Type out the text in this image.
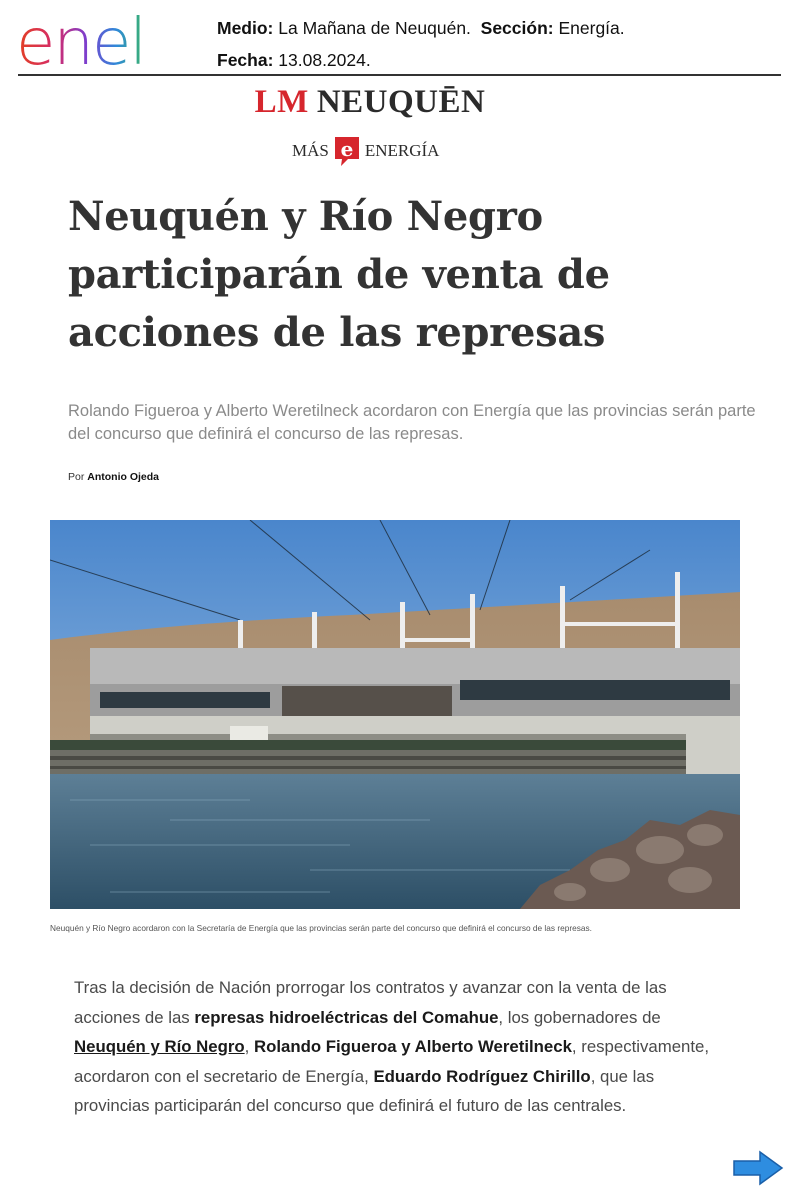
enel	Medio: La Mañana de Neuquén. Sección: Energía.
Fecha: 13.08.2024.
LM NEUQUĒN
MÁS e ENERGÍA
Neuquén y Río Negro participarán de venta de acciones de las represas

Rolando Figueroa y Alberto Weretilneck acordaron con Energía que las provincias serán parte del concurso que definirá el concurso de las represas.

Por Antonio Ojeda
Neuquén y Río Negro acordaron con la Secretaría de Energía que las provincias serán parte del concurso que definirá el concurso de las represas.

Tras la decisión de Nación prorrogar los contratos y avanzar con la venta de las acciones de las represas hidroeléctricas del Comahue, los gobernadores de Neuquén y Río Negro, Rolando Figueroa y Alberto Weretilneck, respectivamente, acordaron con el secretario de Energía, Eduardo Rodríguez Chirillo, que las provincias participarán del concurso que definirá el futuro de las centrales.
